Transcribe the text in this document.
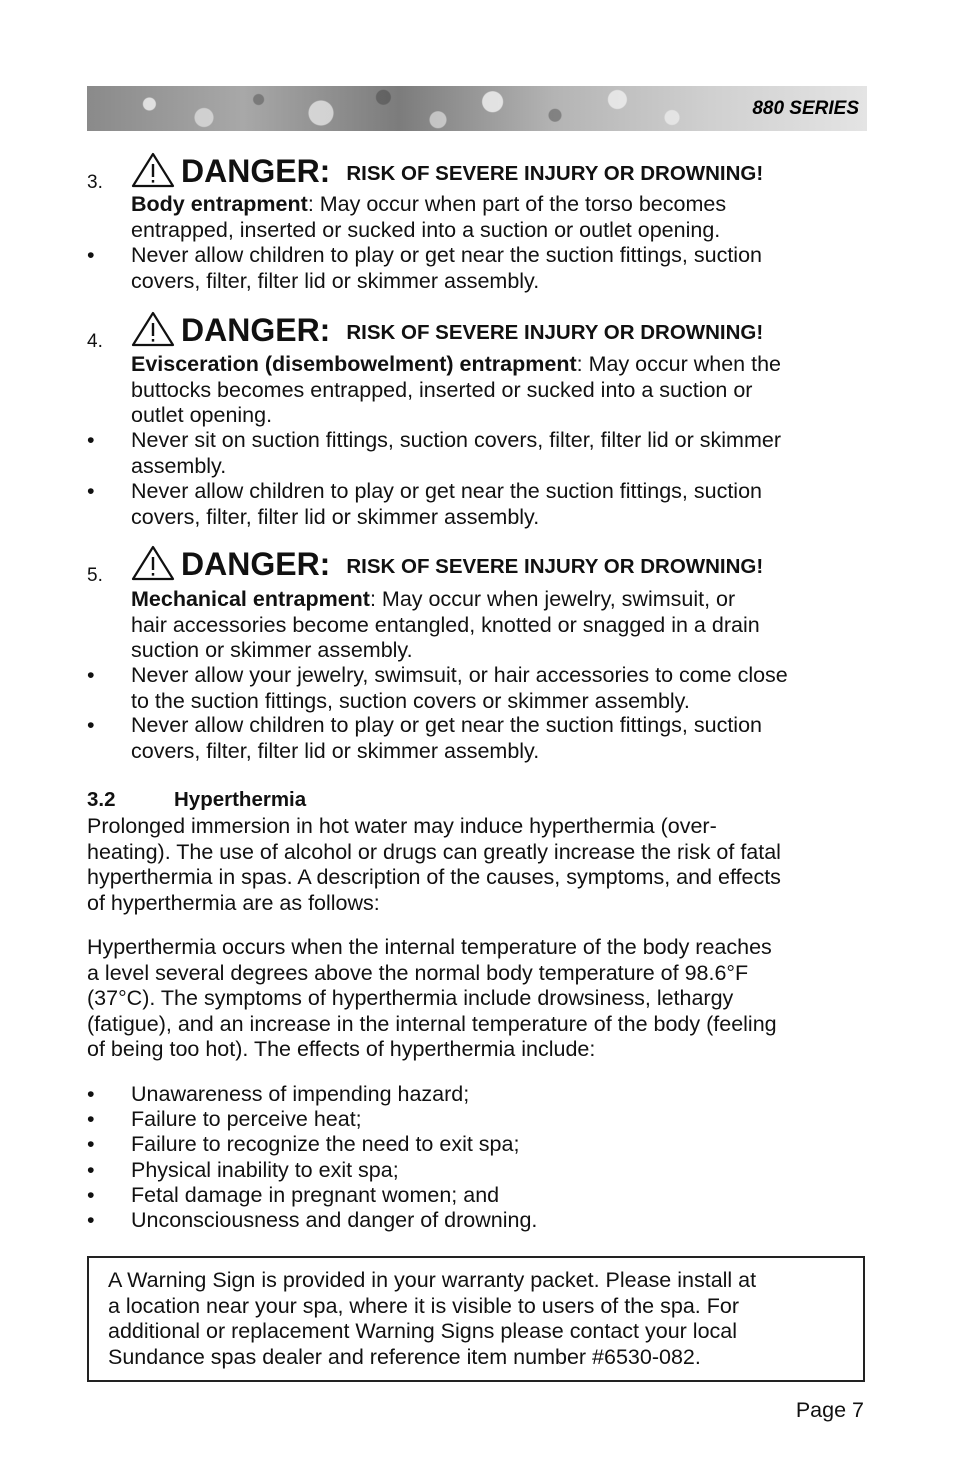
880 SERIES
3. DANGER: RISK OF SEVERE INJURY OR DROWNING!
Body entrapment: May occur when part of the torso becomes
entrapped, inserted or sucked into a suction or outlet opening.
• Never allow children to play or get near the suction fittings, suction
covers, filter, filter lid or skimmer assembly.
4. DANGER: RISK OF SEVERE INJURY OR DROWNING!
Evisceration (disembowelment) entrapment: May occur when the
buttocks becomes entrapped, inserted or sucked into a suction or
outlet opening.
• Never sit on suction fittings, suction covers, filter, filter lid or skimmer
assembly.
• Never allow children to play or get near the suction fittings, suction
covers, filter, filter lid or skimmer assembly.
5. DANGER: RISK OF SEVERE INJURY OR DROWNING!
Mechanical entrapment: May occur when jewelry, swimsuit, or
hair accessories become entangled, knotted or snagged in a drain
suction or skimmer assembly.
• Never allow your jewelry, swimsuit, or hair accessories to come close
to the suction fittings, suction covers or skimmer assembly.
• Never allow children to play or get near the suction fittings, suction
covers, filter, filter lid or skimmer assembly.
3.2	Hyperthermia
Prolonged immersion in hot water may induce hyperthermia (over-
heating). The use of alcohol or drugs can greatly increase the risk of fatal
hyperthermia in spas. A description of the causes, symptoms, and effects
of hyperthermia are as follows:
Hyperthermia occurs when the internal temperature of the body reaches
a level several degrees above the normal body temperature of 98.6°F
(37°C). The symptoms of hyperthermia include drowsiness, lethargy
(fatigue), and an increase in the internal temperature of the body (feeling
of being too hot). The effects of hyperthermia include:
• Unawareness of impending hazard;
• Failure to perceive heat;
• Failure to recognize the need to exit spa;
• Physical inability to exit spa;
• Fetal damage in pregnant women; and
• Unconsciousness and danger of drowning.
A Warning Sign is provided in your warranty packet. Please install at
a location near your spa, where it is visible to users of the spa. For
additional or replacement Warning Signs please contact your local
Sundance spas dealer and reference item number #6530-082.
Page 7
